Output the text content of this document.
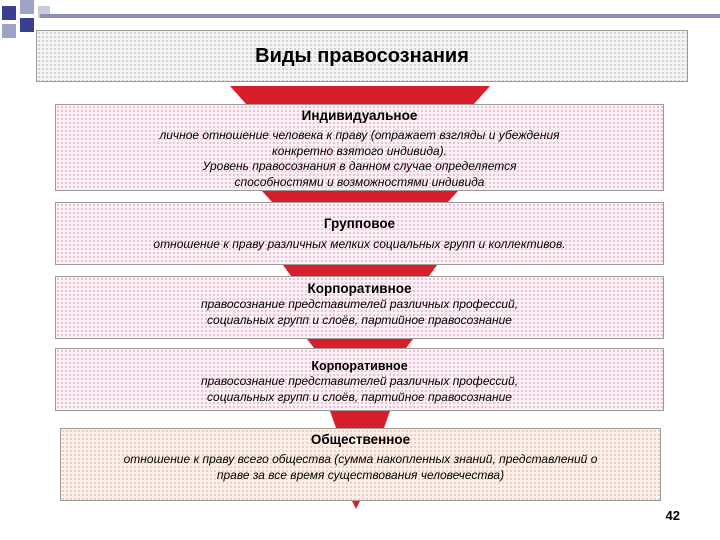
Виды правосознания
Индивидуальное
личное отношение человека к праву (отражает взгляды и убеждения
конкретно взятого индивида).
Уровень правосознания в данном случае определяется
способностями и возможностями индивида
Групповое
отношение к праву различных мелких социальных групп и коллективов.
Корпоративное
правосознание представителей различных профессий,
социальных групп и слоёв, партийное правосознание
Корпоративное
правосознание представителей различных профессий,
социальных групп и слоёв, партийное правосознание
Общественное
отношение к праву всего общества (сумма накопленных знаний, представлений о
праве за все время существования человечества)
42
